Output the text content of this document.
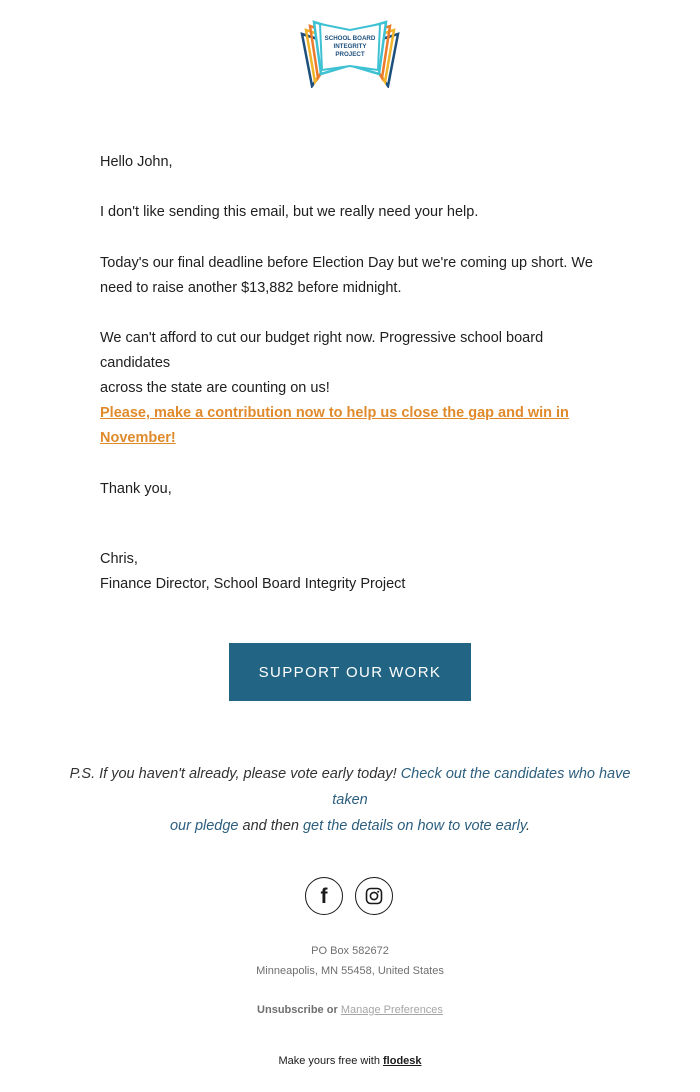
SCHOOL BOARD
INTEGRITY
PROJECT

Hello John,

I don't like sending this email, but we really need your help.

Today's our final deadline before Election Day but we're coming up short. We
need to raise another $13,882 before midnight.

We can't afford to cut our budget right now. Progressive school board candidates
across the state are counting on us!

Please, make a contribution now to help us close the gap and win in
November!

Thank you,

Chris,
Finance Director, School Board Integrity Project

SUPPORT OUR WORK
P.S. If you haven't already, please vote early today! Check out the candidates who have taken
our pledge and then get the details on how to vote early.
f
PO Box 582672
Minneapolis, MN 55458, United States
Unsubscribe or Manage Preferences
Make yours free with flodesk
